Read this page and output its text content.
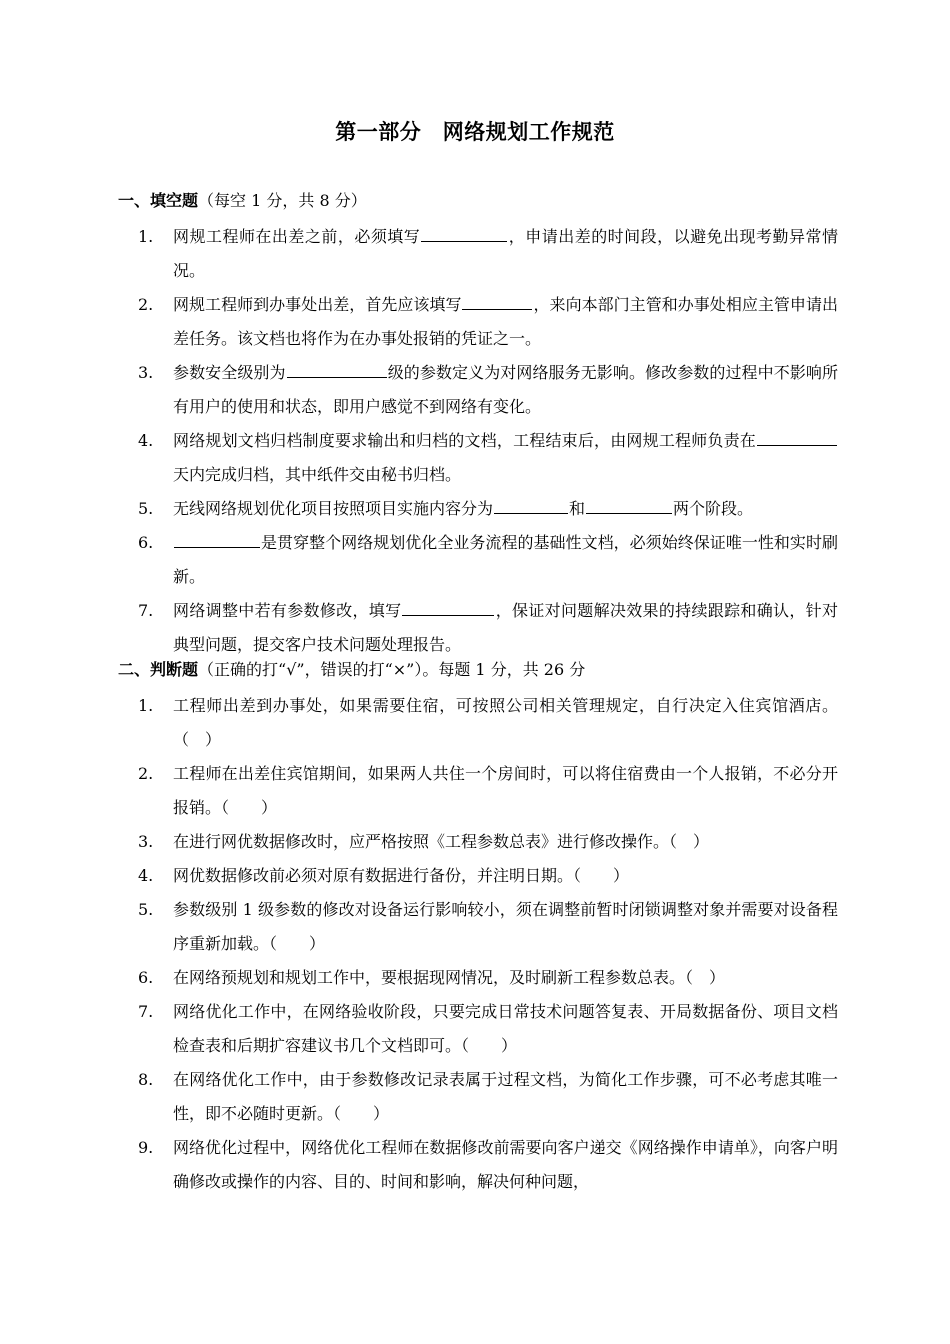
第一部分　网络规划工作规范

一、填空题（每空 1 分，共 8 分）

1. 网规工程师在出差之前，必须填写	，申请出差的时间段，以避免出现考勤异常情况。

2. 网规工程师到办事处出差，首先应该填写	，来向本部门主管和办事处相应主管申请出差任务。该文档也将作为在办事处报销的凭证之一。

3. 参数安全级别为	级的参数定义为对网络服务无影响。修改参数的过程中不影响所有用户的使用和状态，即用户感觉不到网络有变化。

4. 网络规划文档归档制度要求输出和归档的文档，工程结束后，由网规工程师负责在天内完成归档，其中纸件交由秘书归档。

5. 无线网络规划优化项目按照项目实施内容分为	和	两个阶段。

6.	是贯穿整个网络规划优化全业务流程的基础性文档，必须始终保证唯一性和实时刷新。

7. 网络调整中若有参数修改，填写	，保证对问题解决效果的持续跟踪和确认，针对典型问题，提交客户技术问题处理报告。

二、判断题（正确的打“√”，错误的打“×”）。每题 1 分，共 26 分

1. 工程师出差到办事处，如果需要住宿，可按照公司相关管理规定，自行决定入住宾馆酒店。（　）

2. 工程师在出差住宾馆期间，如果两人共住一个房间时，可以将住宿费由一个人报销，不必分开报销。（　　）

3. 在进行网优数据修改时，应严格按照《工程参数总表》进行修改操作。（　）

4. 网优数据修改前必须对原有数据进行备份，并注明日期。（　　）

5. 参数级别 1 级参数的修改对设备运行影响较小，须在调整前暂时闭锁调整对象并需要对设备程序重新加载。（　　）

6. 在网络预规划和规划工作中，要根据现网情况，及时刷新工程参数总表。（　）

7. 网络优化工作中，在网络验收阶段，只要完成日常技术问题答复表、开局数据备份、项目文档检查表和后期扩容建议书几个文档即可。（　　）

8. 在网络优化工作中，由于参数修改记录表属于过程文档，为简化工作步骤，可不必考虑其唯一性，即不必随时更新。（　　）

9. 网络优化过程中，网络优化工程师在数据修改前需要向客户递交《网络操作申请单》，向客户明确修改或操作的内容、目的、时间和影响，解决何种问题，
